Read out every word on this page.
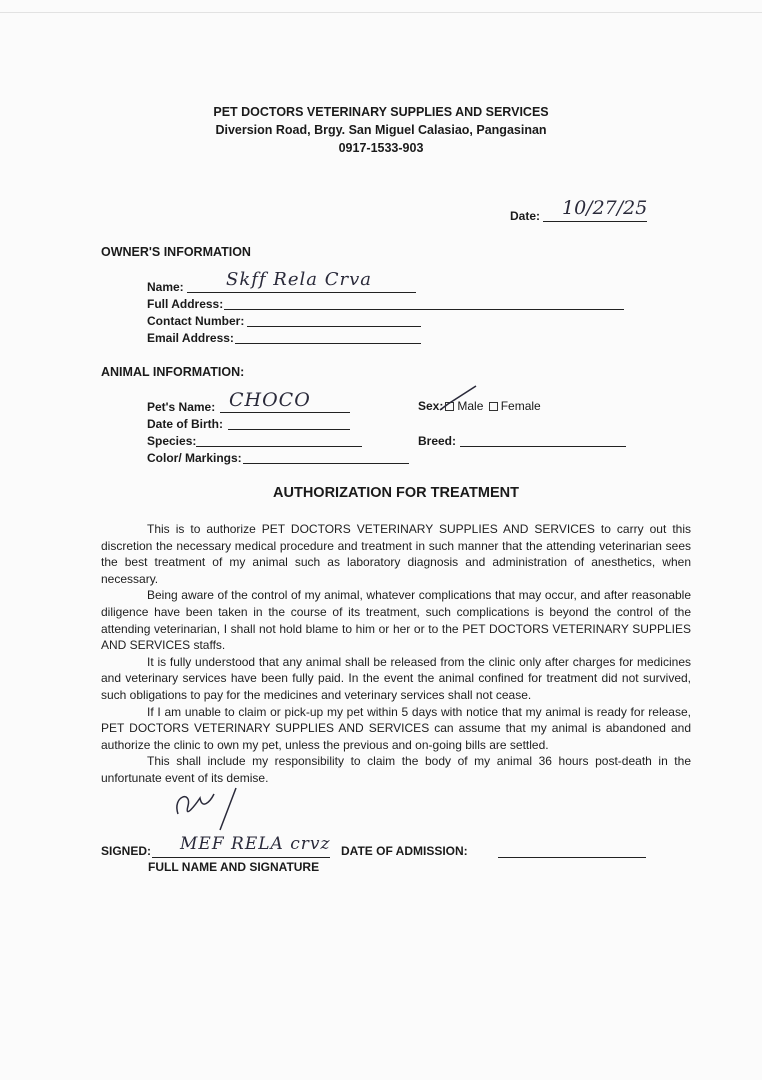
PET DOCTORS VETERINARY SUPPLIES AND SERVICES
Diversion Road, Brgy. San Miguel Calasiao, Pangasinan
0917-1533-903
Date: 10/27/25
OWNER'S INFORMATION
Name: Skff Rela Crva
Full Address:
Contact Number:
Email Address:
ANIMAL INFORMATION:
Pet's Name: CHOCO
Date of Birth:
Species:
Color/ Markings:
Sex: Male Female
Breed:
AUTHORIZATION FOR TREATMENT

This is to authorize PET DOCTORS VETERINARY SUPPLIES AND SERVICES to carry out this discretion the necessary medical procedure and treatment in such manner that the attending veterinarian sees the best treatment of my animal such as laboratory diagnosis and administration of anesthetics, when necessary.

Being aware of the control of my animal, whatever complications that may occur, and after reasonable diligence have been taken in the course of its treatment, such complications is beyond the control of the attending veterinarian, I shall not hold blame to him or her or to the PET DOCTORS VETERINARY SUPPLIES AND SERVICES staffs.

It is fully understood that any animal shall be released from the clinic only after charges for medicines and veterinary services have been fully paid. In the event the animal confined for treatment did not survived, such obligations to pay for the medicines and veterinary services shall not cease.

If I am unable to claim or pick-up my pet within 5 days with notice that my animal is ready for release, PET DOCTORS VETERINARY SUPPLIES AND SERVICES can assume that my animal is abandoned and authorize the clinic to own my pet, unless the previous and on-going bills are settled.

This shall include my responsibility to claim the body of my animal 36 hours post-death in the unfortunate event of its demise.

SIGNED: MEF RELA crvz
FULL NAME AND SIGNATURE
DATE OF ADMISSION:
